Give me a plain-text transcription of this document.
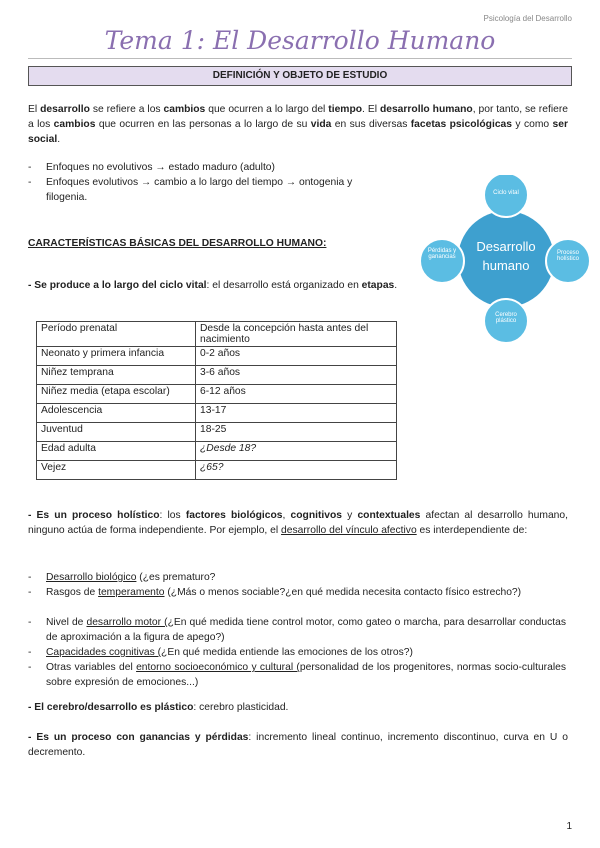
Psicología del Desarrollo
Tema 1: El Desarrollo Humano
DEFINICIÓN Y OBJETO DE ESTUDIO
El desarrollo se refiere a los cambios que ocurren a lo largo del tiempo. El desarrollo humano, por tanto, se refiere a los cambios que ocurren en las personas a lo largo de su vida en sus diversas facetas psicológicas y como ser social.
- Enfoques no evolutivos → estado maduro (adulto)
- Enfoques evolutivos → cambio a lo largo del tiempo → ontogenia y filogenia.
Desarrollo humano
Ciclo vital
Proceso holístico
Cerebro plástico
Pérdidas y ganancias
CARACTERÍSTICAS BÁSICAS DEL DESARROLLO HUMANO:
- Se produce a lo largo del ciclo vital: el desarrollo está organizado en etapas.
Período prenatal	Desde la concepción hasta antes del nacimiento
Neonato y primera infancia	0-2 años
Niñez temprana	3-6 años
Niñez media (etapa escolar)	6-12 años
Adolescencia	13-17
Juventud	18-25
Edad adulta	¿Desde 18?
Vejez	¿65?
- Es un proceso holístico: los factores biológicos, cognitivos y contextuales afectan al desarrollo humano, ninguno actúa de forma independiente. Por ejemplo, el desarrollo del vínculo afectivo es interdependiente de:
- Desarrollo biológico (¿es prematuro?
- Rasgos de temperamento (¿Más o menos sociable?¿en qué medida necesita contacto físico estrecho?)
- Nivel de desarrollo motor (¿En qué medida tiene control motor, como gateo o marcha, para desarrollar conductas de aproximación a la figura de apego?)
- Capacidades cognitivas (¿En qué medida entiende las emociones de los otros?)
- Otras variables del entorno socioeconómico y cultural (personalidad de los progenitores, normas socio-culturales sobre expresión de emociones...)
- El cerebro/desarrollo es plástico: cerebro plasticidad.
- Es un proceso con ganancias y pérdidas: incremento lineal continuo, incremento discontinuo, curva en U o decremento.
1
